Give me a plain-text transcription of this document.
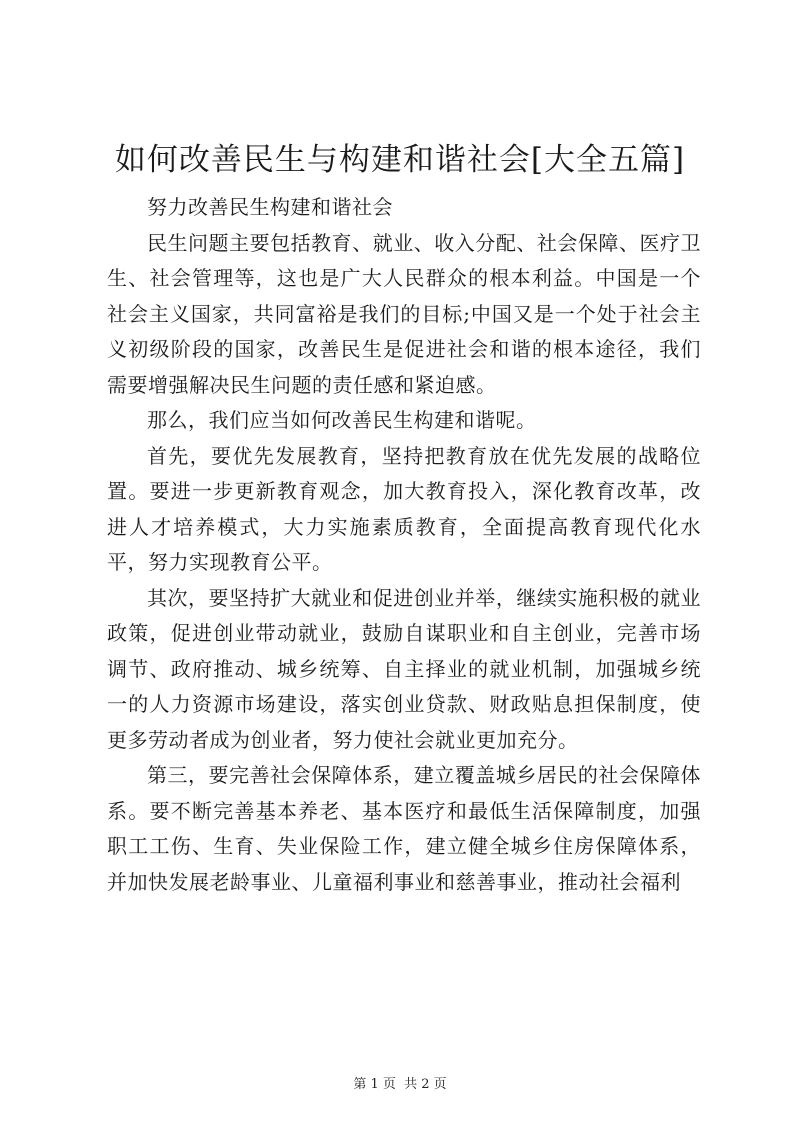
如何改善民生与构建和谐社会[大全五篇]

努力改善民生构建和谐社会

民生问题主要包括教育、就业、收入分配、社会保障、医疗卫生、社会管理等，这也是广大人民群众的根本利益。中国是一个社会主义国家，共同富裕是我们的目标;中国又是一个处于社会主义初级阶段的国家，改善民生是促进社会和谐的根本途径，我们需要增强解决民生问题的责任感和紧迫感。

那么，我们应当如何改善民生构建和谐呢。

首先，要优先发展教育，坚持把教育放在优先发展的战略位置。要进一步更新教育观念，加大教育投入，深化教育改革，改进人才培养模式，大力实施素质教育，全面提高教育现代化水平，努力实现教育公平。

其次，要坚持扩大就业和促进创业并举，继续实施积极的就业政策，促进创业带动就业，鼓励自谋职业和自主创业，完善市场调节、政府推动、城乡统筹、自主择业的就业机制，加强城乡统一的人力资源市场建设，落实创业贷款、财政贴息担保制度，使更多劳动者成为创业者，努力使社会就业更加充分。

第三，要完善社会保障体系，建立覆盖城乡居民的社会保障体系。要不断完善基本养老、基本医疗和最低生活保障制度，加强职工工伤、生育、失业保险工作，建立健全城乡住房保障体系，并加快发展老龄事业、儿童福利事业和慈善事业，推动社会福利

第 1 页  共 2 页
